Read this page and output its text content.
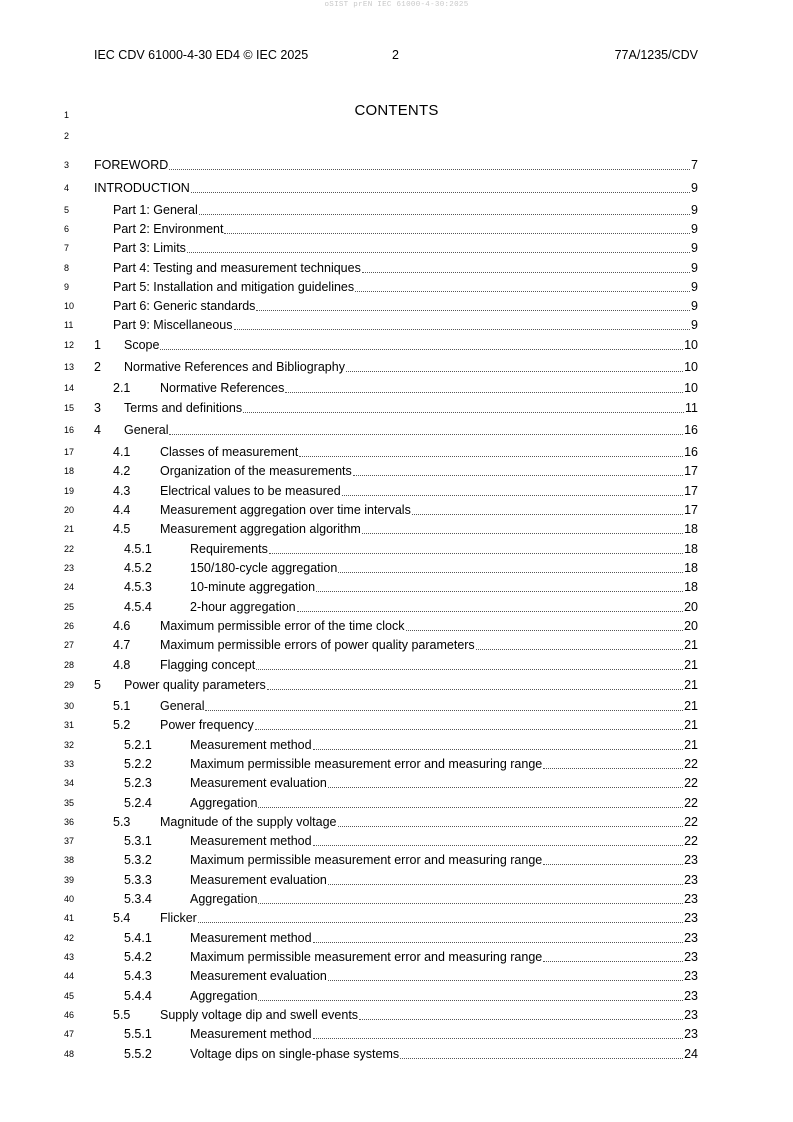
oSIST prEN IEC 61000-4-30:2025
IEC CDV 61000-4-30 ED4 © IEC 2025	2	77A/1235/CDV
1	CONTENTS
2
3 FOREWORD	7
4 INTRODUCTION	9
5	Part 1: General	9
6	Part 2: Environment	9
7	Part 3: Limits	9
8	Part 4: Testing and measurement techniques	9
9	Part 5: Installation and mitigation guidelines	9
10	Part 6: Generic standards	9
11	Part 9: Miscellaneous	9
12 1 Scope	10
13 2 Normative References and Bibliography	10
14	2.1 Normative References	10
15 3 Terms and definitions	11
16 4 General	16
17	4.1 Classes of measurement	16
18	4.2 Organization of the measurements	17
19	4.3 Electrical values to be measured	17
20	4.4 Measurement aggregation over time intervals	17
21	4.5 Measurement aggregation algorithm	18
22	4.5.1	Requirements	18
23	4.5.2	150/180-cycle aggregation	18
24	4.5.3	10-minute aggregation	18
25	4.5.4	2-hour aggregation	20
26	4.6 Maximum permissible error of the time clock	20
27	4.7 Maximum permissible errors of power quality parameters	21
28	4.8 Flagging concept	21
29 5 Power quality parameters	21
30	5.1 General	21
31	5.2 Power frequency	21
32	5.2.1	Measurement method	21
33	5.2.2	Maximum permissible measurement error and measuring range	22
34	5.2.3	Measurement evaluation	22
35	5.2.4	Aggregation	22
36	5.3 Magnitude of the supply voltage	22
37	5.3.1	Measurement method	22
38	5.3.2	Maximum permissible measurement error and measuring range	23
39	5.3.3	Measurement evaluation	23
40	5.3.4	Aggregation	23
41	5.4 Flicker	23
42	5.4.1	Measurement method	23
43	5.4.2	Maximum permissible measurement error and measuring range	23
44	5.4.3	Measurement evaluation	23
45	5.4.4	Aggregation	23
46	5.5 Supply voltage dip and swell events	23
47	5.5.1	Measurement method	23
48	5.5.2	Voltage dips on single-phase systems	24
